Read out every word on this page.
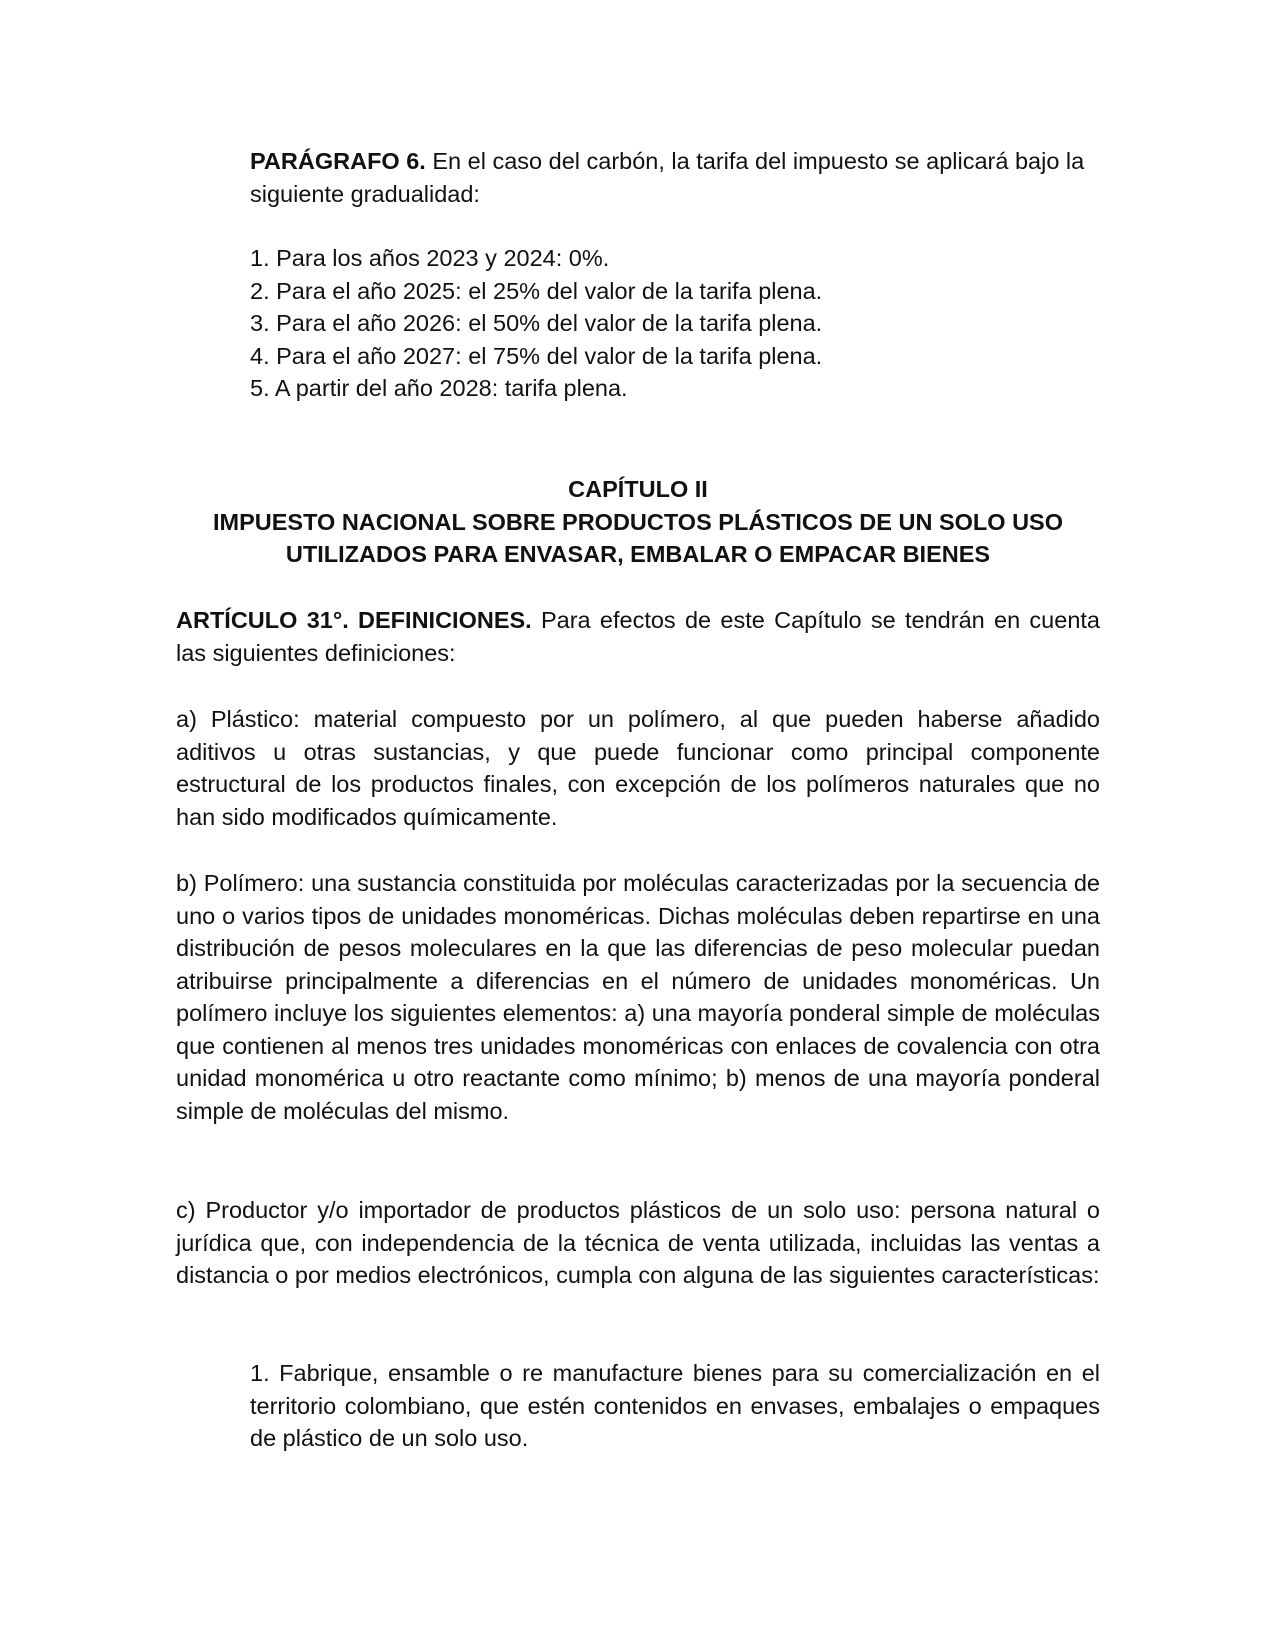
PARÁGRAFO 6. En el caso del carbón, la tarifa del impuesto se aplicará bajo la siguiente gradualidad:

1. Para los años 2023 y 2024: 0%.
2. Para el año 2025: el 25% del valor de la tarifa plena.
3. Para el año 2026: el 50% del valor de la tarifa plena.
4. Para el año 2027: el 75% del valor de la tarifa plena.
5. A partir del año 2028: tarifa plena.
CAPÍTULO II
IMPUESTO NACIONAL SOBRE PRODUCTOS PLÁSTICOS DE UN SOLO USO
UTILIZADOS PARA ENVASAR, EMBALAR O EMPACAR BIENES

ARTÍCULO 31°. DEFINICIONES. Para efectos de este Capítulo se tendrán en cuenta las siguientes definiciones:

a) Plástico: material compuesto por un polímero, al que pueden haberse añadido aditivos u otras sustancias, y que puede funcionar como principal componente estructural de los productos finales, con excepción de los polímeros naturales que no han sido modificados químicamente.

b) Polímero: una sustancia constituida por moléculas caracterizadas por la secuencia de uno o varios tipos de unidades monoméricas. Dichas moléculas deben repartirse en una distribución de pesos moleculares en la que las diferencias de peso molecular puedan atribuirse principalmente a diferencias en el número de unidades monoméricas. Un polímero incluye los siguientes elementos: a) una mayoría ponderal simple de moléculas que contienen al menos tres unidades monoméricas con enlaces de covalencia con otra unidad monomérica u otro reactante como mínimo; b) menos de una mayoría ponderal simple de moléculas del mismo.

c) Productor y/o importador de productos plásticos de un solo uso: persona natural o jurídica que, con independencia de la técnica de venta utilizada, incluidas las ventas a distancia o por medios electrónicos, cumpla con alguna de las siguientes características:

1. Fabrique, ensamble o re manufacture bienes para su comercialización en el territorio colombiano, que estén contenidos en envases, embalajes o empaques de plástico de un solo uso.
